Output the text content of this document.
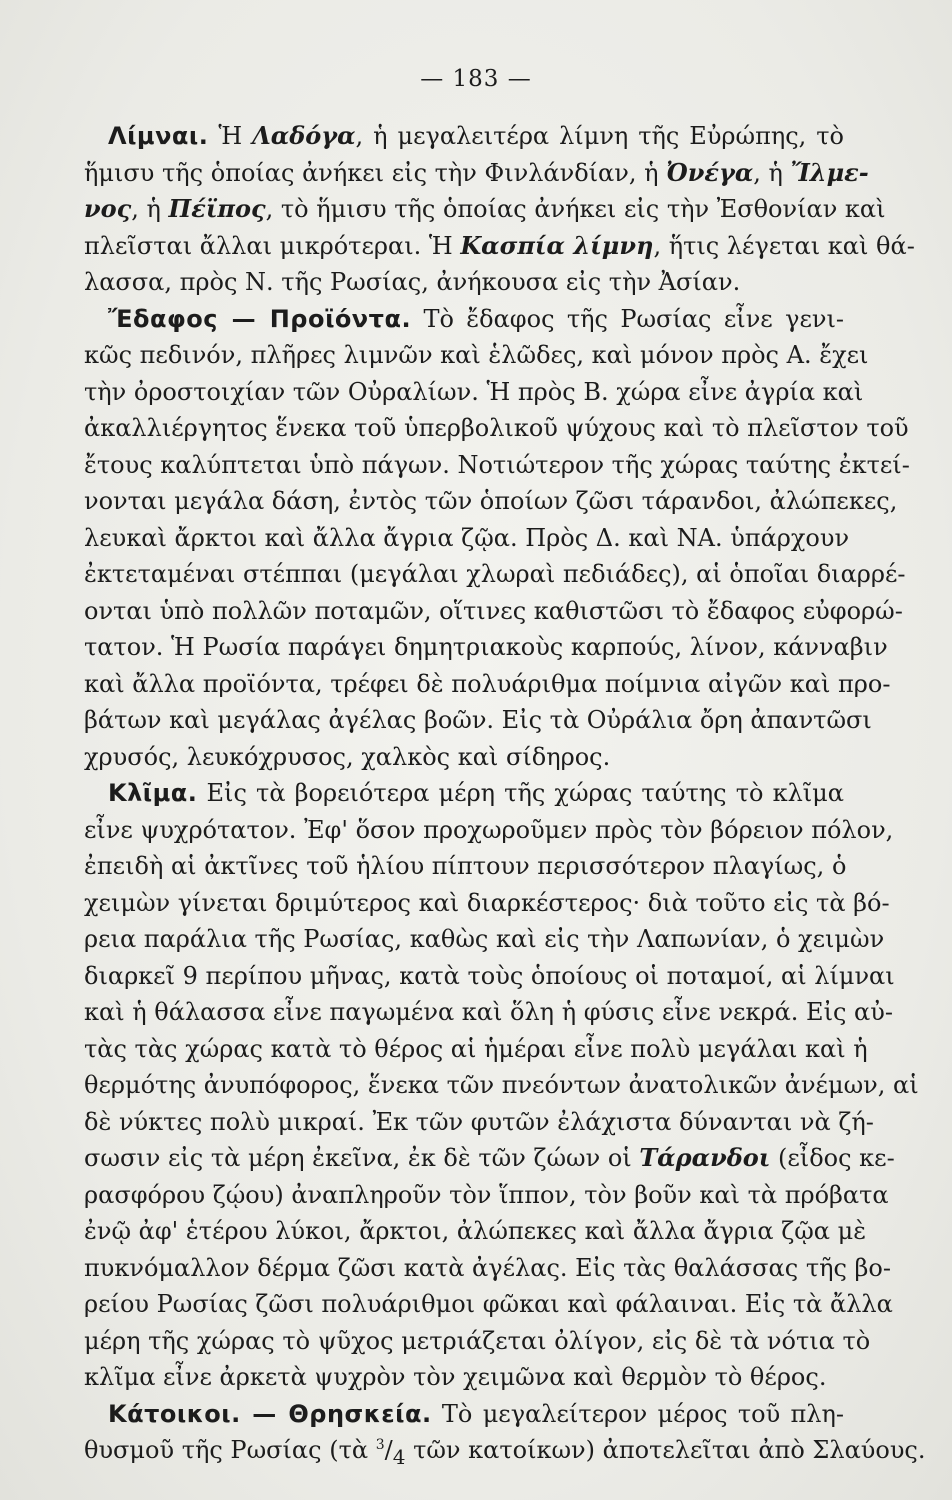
— 183 —
Λίμναι. Ἡ Λαδόγα, ἡ μεγαλειτέρα λίμνη τῆς Εὐρώπης, τὸ
ἥμισυ τῆς ὁποίας ἀνήκει εἰς τὴν Φινλάνδίαν, ἡ Ὀνέγα, ἡ Ἴλμε-
νος, ἡ Πέϊπος, τὸ ἥμισυ τῆς ὁποίας ἀνήκει εἰς τὴν Ἐσθονίαν καὶ
πλεῖσται ἄλλαι μικρότεραι. Ἡ Κασπία λίμνη, ἥτις λέγεται καὶ θά-
λασσα, πρὸς Ν. τῆς Ρωσίας, ἀνήκουσα εἰς τὴν Ἀσίαν.
Ἔδαφος — Προϊόντα. Τὸ ἔδαφος τῆς Ρωσίας εἶνε γενι-
κῶς πεδινόν, πλῆρες λιμνῶν καὶ ἑλῶδες, καὶ μόνον πρὸς Α. ἔχει
τὴν ὀροστοιχίαν τῶν Οὐραλίων. Ἡ πρὸς Β. χώρα εἶνε ἀγρία καὶ
ἀκαλλιέργητος ἕνεκα τοῦ ὑπερβολικοῦ ψύχους καὶ τὸ πλεῖστον τοῦ
ἔτους καλύπτεται ὑπὸ πάγων. Νοτιώτερον τῆς χώρας ταύτης ἐκτεί-
νονται μεγάλα δάση, ἐντὸς τῶν ὁποίων ζῶσι τάρανδοι, ἀλώπεκες,
λευκαὶ ἄρκτοι καὶ ἄλλα ἄγρια ζῷα. Πρὸς Δ. καὶ ΝΑ. ὑπάρχουν
ἐκτεταμέναι στέππαι (μεγάλαι χλωραὶ πεδιάδες), αἱ ὁποῖαι διαρρέ-
ονται ὑπὸ πολλῶν ποταμῶν, οἵτινες καθιστῶσι τὸ ἔδαφος εὐφορώ-
τατον. Ἡ Ρωσία παράγει δημητριακοὺς καρπούς, λίνον, κάνναβιν
καὶ ἄλλα προϊόντα, τρέφει δὲ πολυάριθμα ποίμνια αἰγῶν καὶ προ-
βάτων καὶ μεγάλας ἀγέλας βοῶν. Εἰς τὰ Οὐράλια ὄρη ἀπαντῶσι
χρυσός, λευκόχρυσος, χαλκὸς καὶ σίδηρος.
Κλῖμα. Εἰς τὰ βορειότερα μέρη τῆς χώρας ταύτης τὸ κλῖμα
εἶνε ψυχρότατον. Ἐφ' ὅσον προχωροῦμεν πρὸς τὸν βόρειον πόλον,
ἐπειδὴ αἱ ἀκτῖνες τοῦ ἡλίου πίπτουν περισσότερον πλαγίως, ὁ
χειμὼν γίνεται δριμύτερος καὶ διαρκέστερος· διὰ τοῦτο εἰς τὰ βό-
ρεια παράλια τῆς Ρωσίας, καθὼς καὶ εἰς τὴν Λαπωνίαν, ὁ χειμὼν
διαρκεῖ 9 περίπου μῆνας, κατὰ τοὺς ὁποίους οἱ ποταμοί, αἱ λίμναι
καὶ ἡ θάλασσα εἶνε παγωμένα καὶ ὅλη ἡ φύσις εἶνε νεκρά. Εἰς αὐ-
τὰς τὰς χώρας κατὰ τὸ θέρος αἱ ἡμέραι εἶνε πολὺ μεγάλαι καὶ ἡ
θερμότης ἀνυπόφορος, ἕνεκα τῶν πνεόντων ἀνατολικῶν ἀνέμων, αἱ
δὲ νύκτες πολὺ μικραί. Ἐκ τῶν φυτῶν ἐλάχιστα δύνανται νὰ ζή-
σωσιν εἰς τὰ μέρη ἐκεῖνα, ἐκ δὲ τῶν ζώων οἱ Τάρανδοι (εἶδος κε-
ρασφόρου ζῴου) ἀναπληροῦν τὸν ἵππον, τὸν βοῦν καὶ τὰ πρόβατα
ἐνῷ ἀφ' ἑτέρου λύκοι, ἄρκτοι, ἀλώπεκες καὶ ἄλλα ἄγρια ζῷα μὲ
πυκνόμαλλον δέρμα ζῶσι κατὰ ἀγέλας. Εἰς τὰς θαλάσσας τῆς βο-
ρείου Ρωσίας ζῶσι πολυάριθμοι φῶκαι καὶ φάλαιναι. Εἰς τὰ ἄλλα
μέρη τῆς χώρας τὸ ψῦχος μετριάζεται ὀλίγον, εἰς δὲ τὰ νότια τὸ
κλῖμα εἶνε ἀρκετὰ ψυχρὸν τὸν χειμῶνα καὶ θερμὸν τὸ θέρος.
Κάτοικοι. — Θρησκεία. Τὸ μεγαλείτερον μέρος τοῦ πλη-
θυσμοῦ τῆς Ρωσίας (τὰ $^3/_4$ τῶν κατοίκων) ἀποτελεῖται ἀπὸ Σλαύους.
